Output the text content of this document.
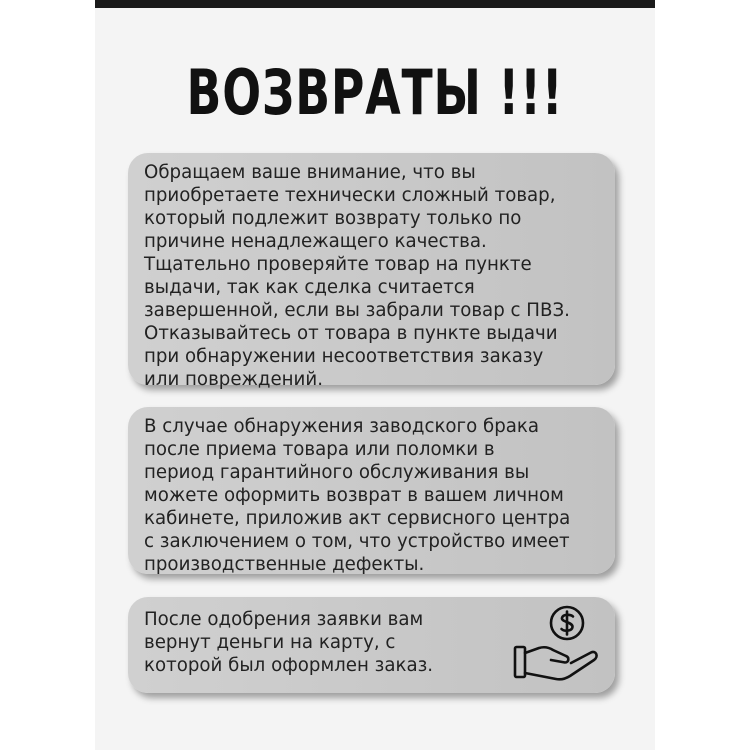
ВОЗВРАТЫ !!!

Обращаем ваше внимание, что вы
приобретаете технически сложный товар,
который подлежит возврату только по
причине ненадлежащего качества.
Тщательно проверяйте товар на пункте
выдачи, так как сделка считается
завершенной, если вы забрали товар с ПВЗ.
Отказывайтесь от товара в пункте выдачи
при обнаружении несоответствия заказу
или повреждений.

В случае обнаружения заводского брака
после приема товара или поломки в
период гарантийного обслуживания вы
можете оформить возврат в вашем личном
кабинете, приложив акт сервисного центра
с заключением о том, что устройство имеет
производственные дефекты.

После одобрения заявки вам
вернут деньги на карту, с
которой был оформлен заказ.
